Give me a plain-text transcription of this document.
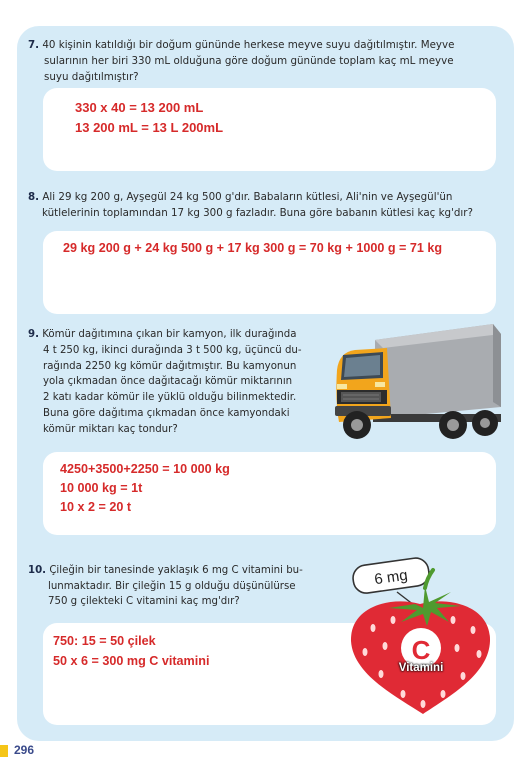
7. 40 kişinin katıldığı bir doğum gününde herkese meyve suyu dağıtılmıştır. Meyve
sularının her biri 330 mL olduğuna göre doğum gününde toplam kaç mL meyve
suyu dağıtılmıştır?
330 x 40 = 13 200 mL
13 200 mL = 13 L 200mL
8. Ali 29 kg 200 g, Ayşegül 24 kg 500 g'dır. Babaların kütlesi, Ali'nin ve Ayşegül'ün
kütlelerinin toplamından 17 kg 300 g fazladır. Buna göre babanın kütlesi kaç kg'dır?
29 kg 200 g + 24 kg 500 g + 17 kg 300 g = 70 kg + 1000 g = 71 kg
9. Kömür dağıtımına çıkan bir kamyon, ilk durağında
4 t 250 kg, ikinci durağında 3 t 500 kg, üçüncü du-
rağında 2250 kg kömür dağıtmıştır. Bu kamyonun
yola çıkmadan önce dağıtacağı kömür miktarının
2 katı kadar kömür ile yüklü olduğu bilinmektedir.
Buna göre dağıtıma çıkmadan önce kamyondaki
kömür miktarı kaç tondur?
4250+3500+2250 = 10 000 kg
10 000 kg = 1t
10 x 2 = 20 t
10. Çileğin bir tanesinde yaklaşık 6 mg C vitamini bu-
lunmaktadır. Bir çileğin 15 g olduğu düşünülürse
750 g çilekteki C vitamini kaç mg'dır?
750: 15 = 50 çilek
50 x 6 = 300 mg C vitamini
6 mg
C
Vitamini
296
